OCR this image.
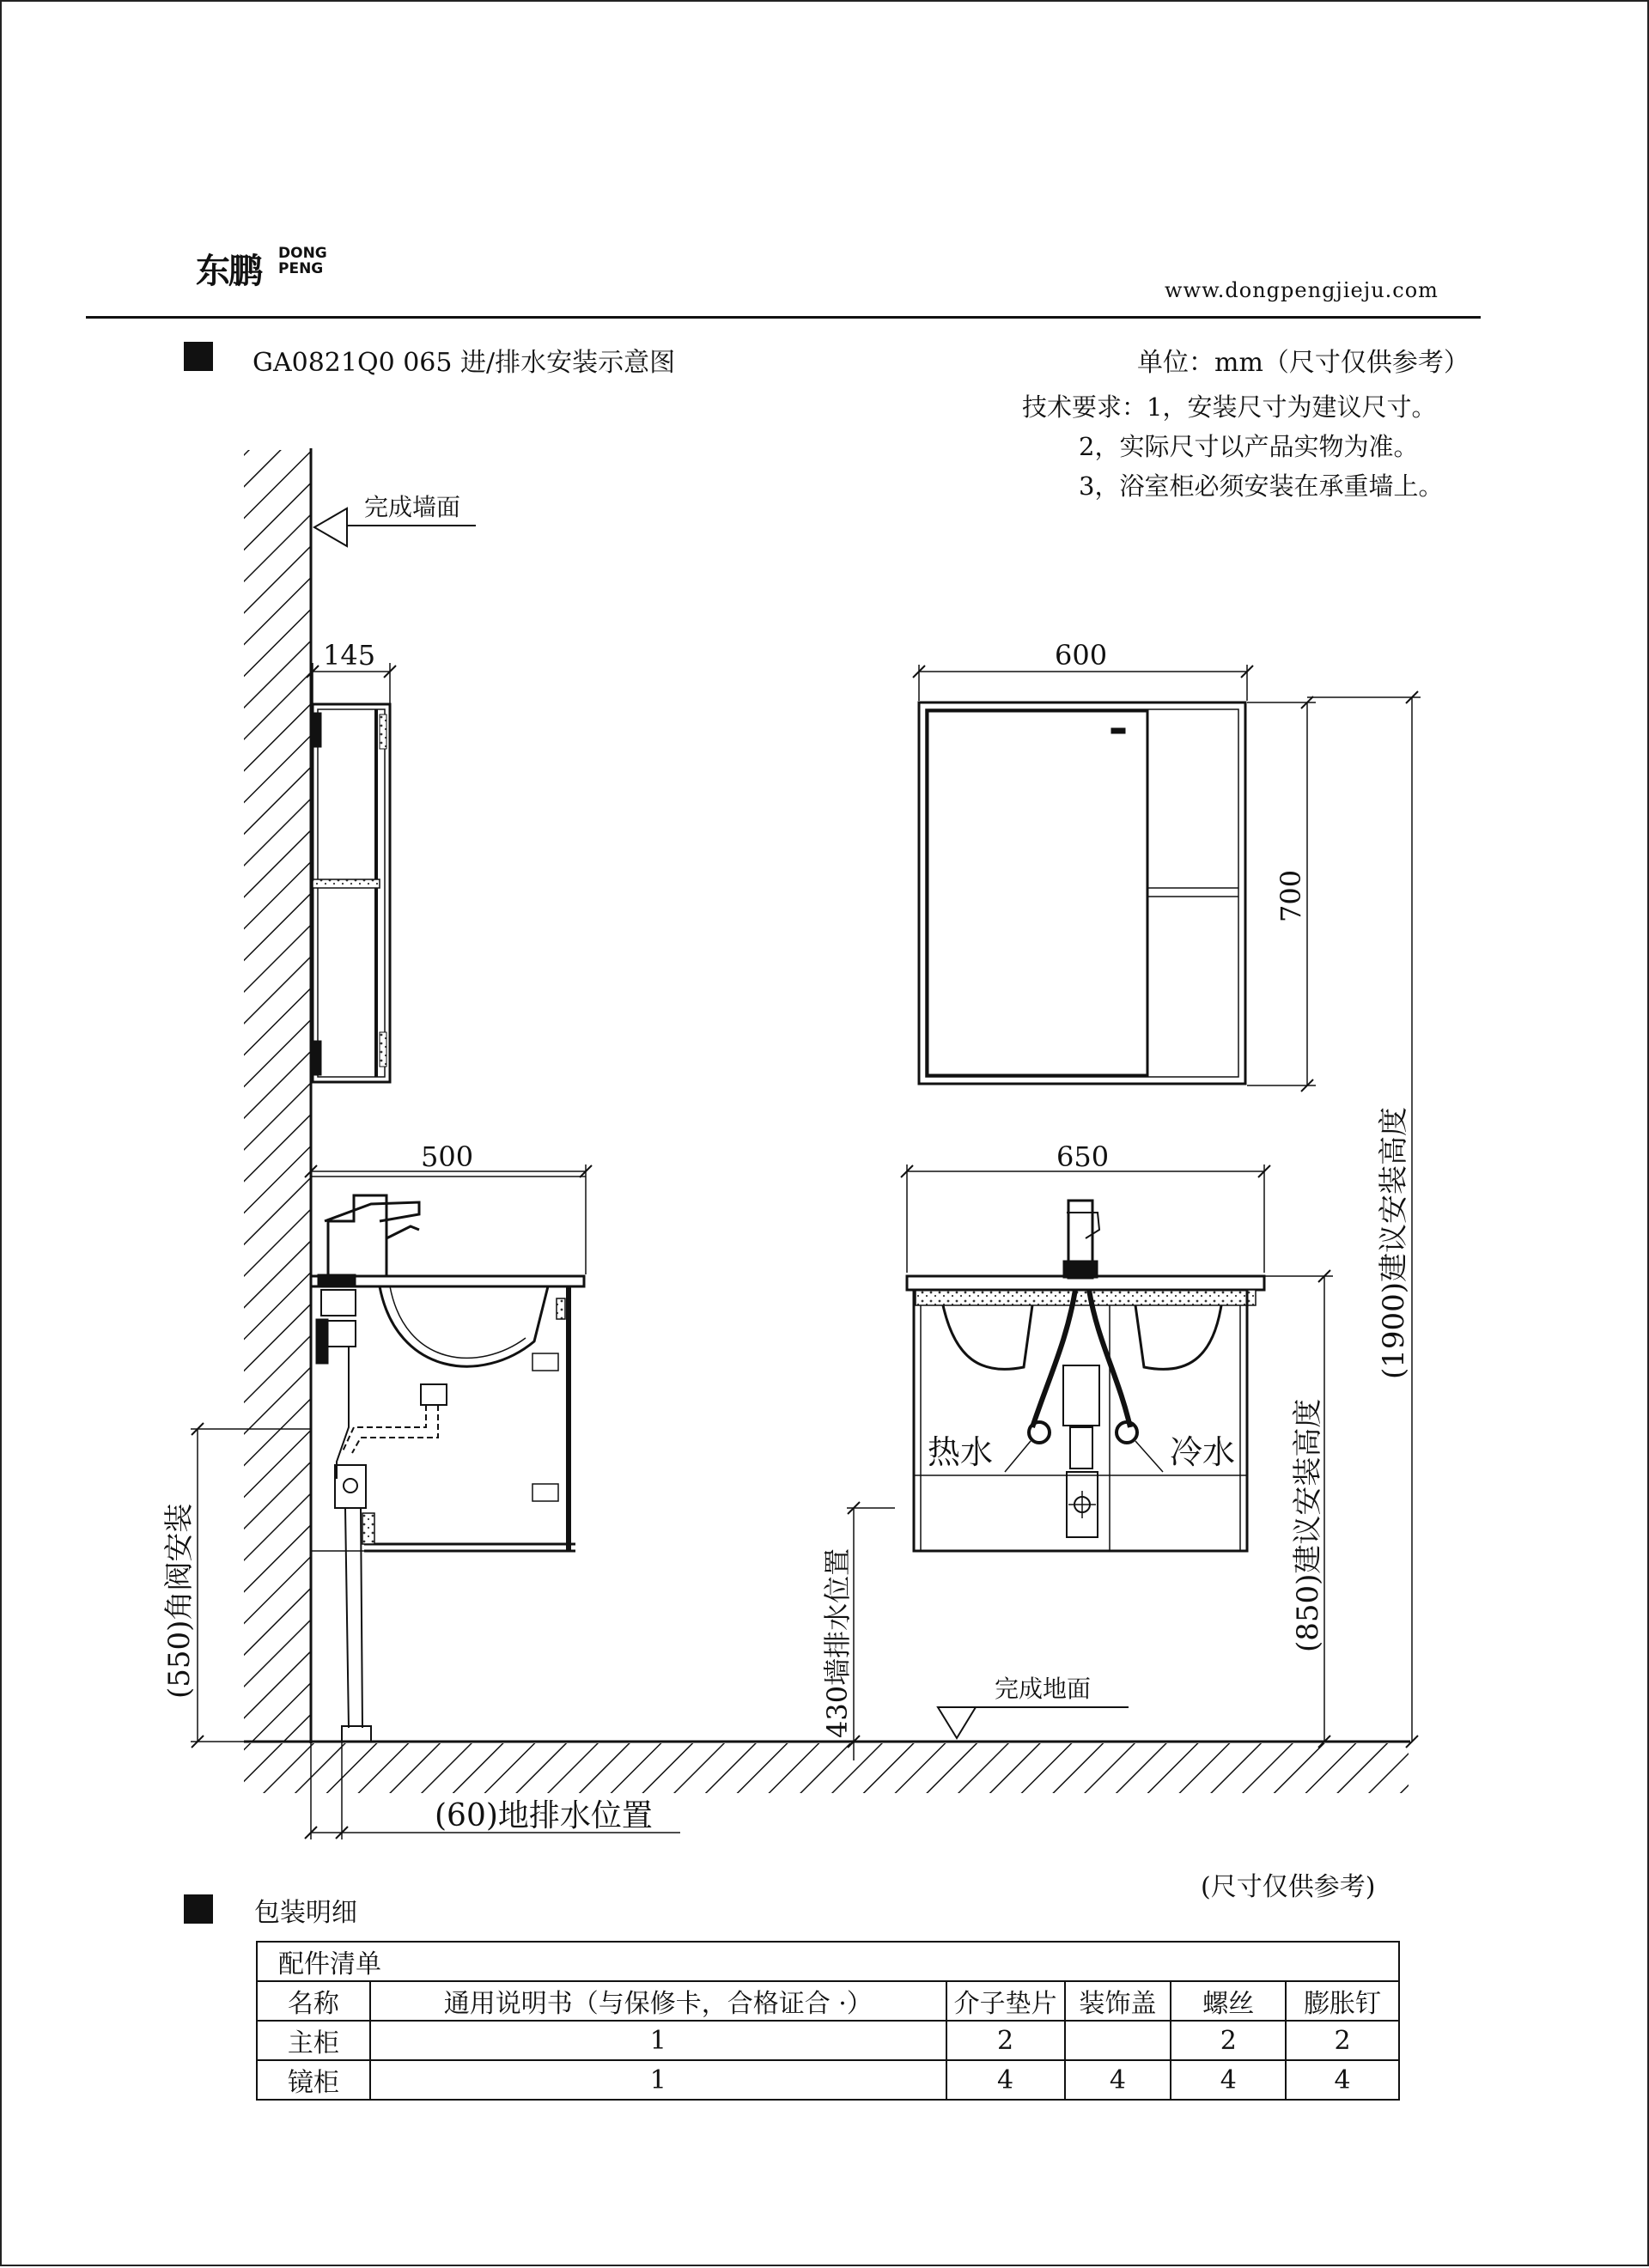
东鹏 DONG
PENG
www.dongpengjieju.com
GA0821Q0 065 进/排水安装示意图	单位：mm（尺寸仅供参考）
技术要求：1，安装尺寸为建议尺寸。
2，实际尺寸以产品实物为准。
3，浴室柜必须安装在承重墙上。
完成墙面
完成地面
145	600
700
(1900)建议安装高度
500
(550)角阀安装
(60)地排水位置
热水	冷水
650
(850)建议安装高度
430墙排水位置
包装明细
(尺寸仅供参考)
配件清单					
名称	通用说明书（与保修卡，合格证合 ·）	介子垫片	装饰盖	螺丝	膨胀钉
主柜	1	2		2	2
镜柜	1	4	4	4	4
